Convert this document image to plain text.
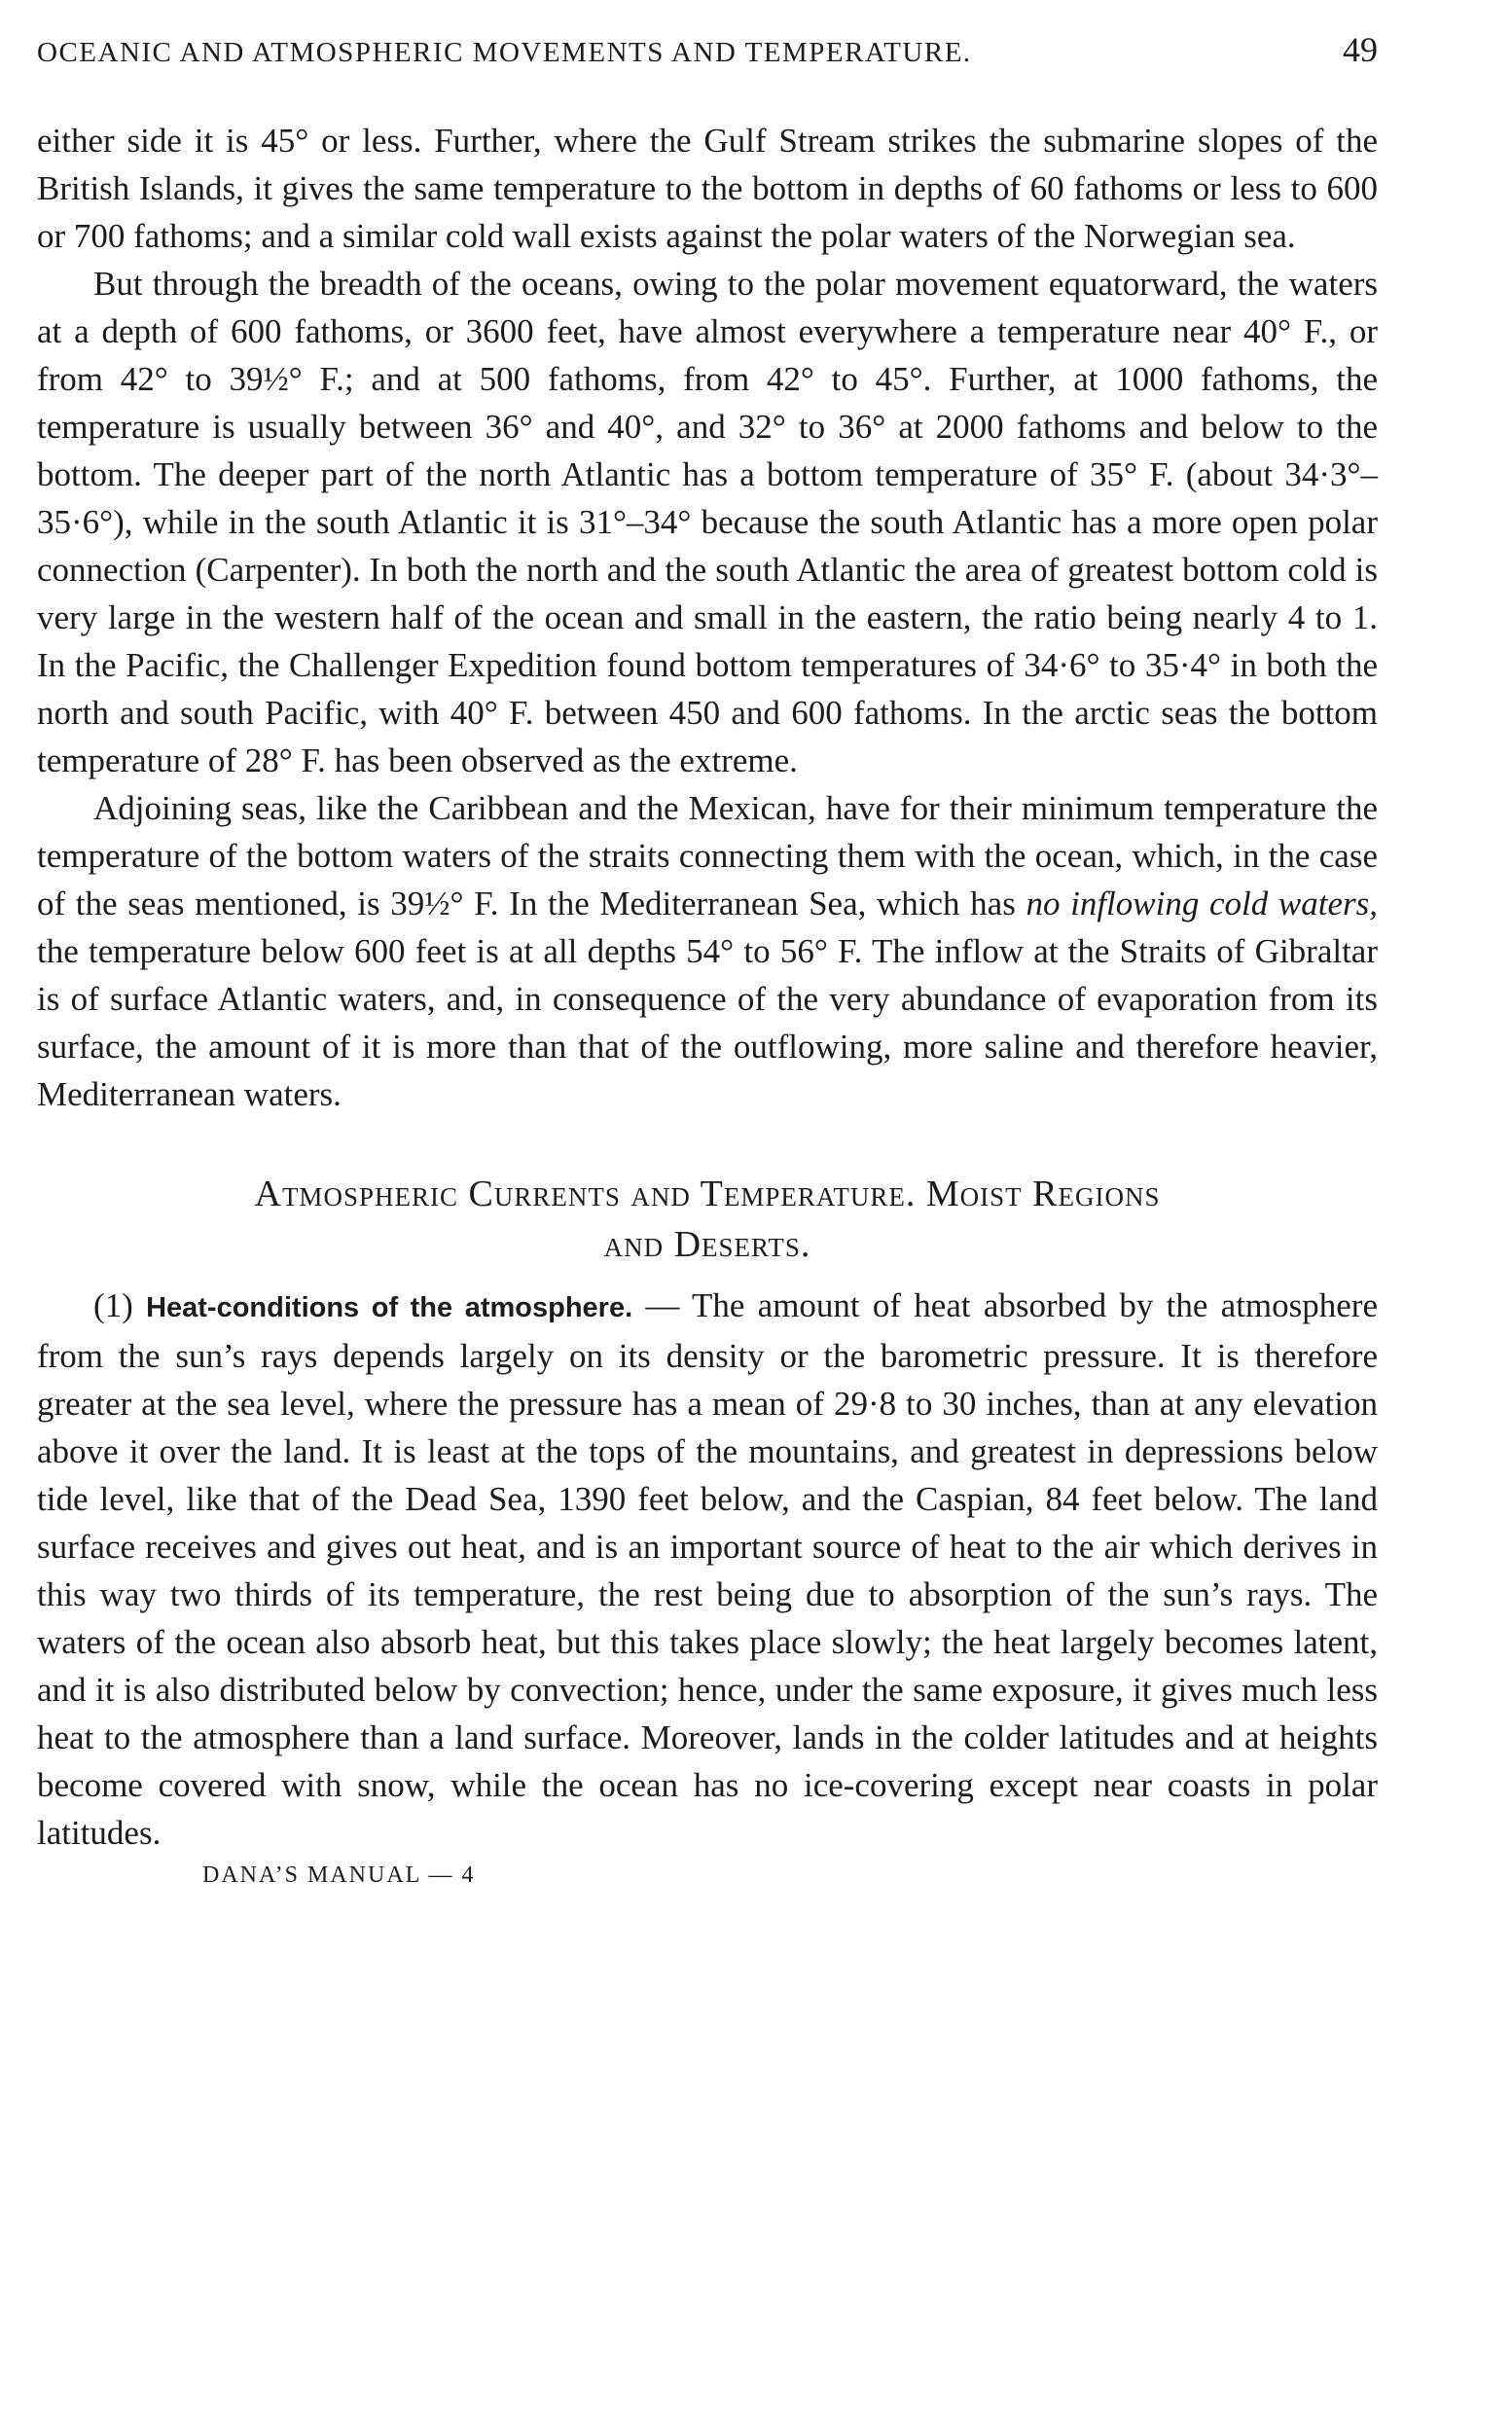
OCEANIC AND ATMOSPHERIC MOVEMENTS AND TEMPERATURE.	49

either side it is 45° or less. Further, where the Gulf Stream strikes the submarine slopes of the British Islands, it gives the same temperature to the bottom in depths of 60 fathoms or less to 600 or 700 fathoms; and a similar cold wall exists against the polar waters of the Norwegian sea.

But through the breadth of the oceans, owing to the polar movement equatorward, the waters at a depth of 600 fathoms, or 3600 feet, have almost everywhere a temperature near 40° F., or from 42° to 39½° F.; and at 500 fathoms, from 42° to 45°. Further, at 1000 fathoms, the temperature is usually between 36° and 40°, and 32° to 36° at 2000 fathoms and below to the bottom. The deeper part of the north Atlantic has a bottom temperature of 35° F. (about 34·3°–35·6°), while in the south Atlantic it is 31°–34° because the south Atlantic has a more open polar connection (Carpenter). In both the north and the south Atlantic the area of greatest bottom cold is very large in the western half of the ocean and small in the eastern, the ratio being nearly 4 to 1. In the Pacific, the Challenger Expedition found bottom temperatures of 34·6° to 35·4° in both the north and south Pacific, with 40° F. between 450 and 600 fathoms. In the arctic seas the bottom temperature of 28° F. has been observed as the extreme.

Adjoining seas, like the Caribbean and the Mexican, have for their minimum temperature the temperature of the bottom waters of the straits connecting them with the ocean, which, in the case of the seas mentioned, is 39½° F. In the Mediterranean Sea, which has no inflowing cold waters, the temperature below 600 feet is at all depths 54° to 56° F. The inflow at the Straits of Gibraltar is of surface Atlantic waters, and, in consequence of the very abundance of evaporation from its surface, the amount of it is more than that of the outflowing, more saline and therefore heavier, Mediterranean waters.

Atmospheric Currents and Temperature. Moist Regions
and Deserts.

(1) Heat-conditions of the atmosphere. — The amount of heat absorbed by the atmosphere from the sun’s rays depends largely on its density or the barometric pressure. It is therefore greater at the sea level, where the pressure has a mean of 29·8 to 30 inches, than at any elevation above it over the land. It is least at the tops of the mountains, and greatest in depressions below tide level, like that of the Dead Sea, 1390 feet below, and the Caspian, 84 feet below. The land surface receives and gives out heat, and is an important source of heat to the air which derives in this way two thirds of its temperature, the rest being due to absorption of the sun’s rays. The waters of the ocean also absorb heat, but this takes place slowly; the heat largely becomes latent, and it is also distributed below by convection; hence, under the same exposure, it gives much less heat to the atmosphere than a land surface. Moreover, lands in the colder latitudes and at heights become covered with snow, while the ocean has no ice-covering except near coasts in polar latitudes.

DANA’S MANUAL — 4
